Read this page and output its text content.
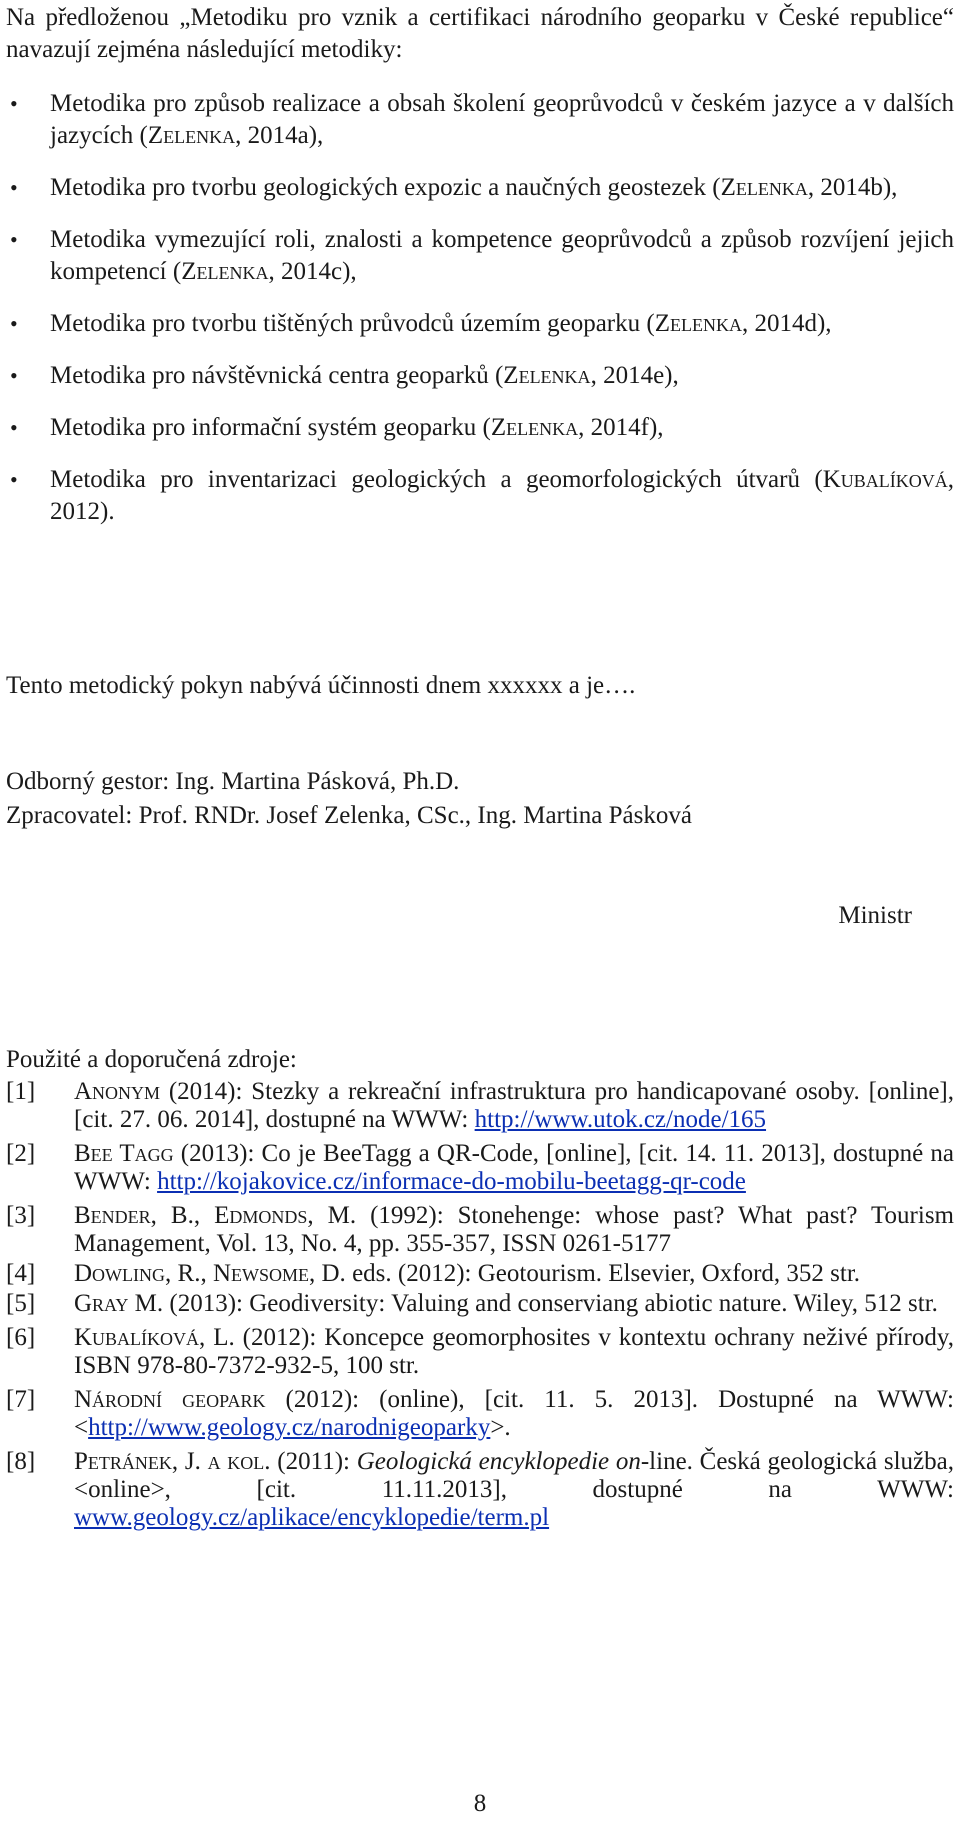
Na předloženou „Metodiku pro vznik a certifikaci národního geoparku v České republice“ navazují zejména následující metodiky:
• Metodika pro způsob realizace a obsah školení geoprůvodců v českém jazyce a v dalších jazycích (Zelenka, 2014a),
• Metodika pro tvorbu geologických expozic a naučných geostezek (Zelenka, 2014b),
• Metodika vymezující roli, znalosti a kompetence geoprůvodců a způsob rozvíjení jejich kompetencí (Zelenka, 2014c),
• Metodika pro tvorbu tištěných průvodců územím geoparku (Zelenka, 2014d),
• Metodika pro návštěvnická centra geoparků (Zelenka, 2014e),
• Metodika pro informační systém geoparku (Zelenka, 2014f),
• Metodika pro inventarizaci geologických a geomorfologických útvarů (Kubalíková, 2012).
Tento metodický pokyn nabývá účinnosti dnem xxxxxx a je….
Odborný gestor: Ing. Martina Pásková, Ph.D.
Zpracovatel: Prof. RNDr. Josef Zelenka, CSc., Ing. Martina Pásková
Ministr
Použité a doporučená zdroje:
[1] Anonym (2014): Stezky a rekreační infrastruktura pro handicapované osoby. [online], [cit. 27. 06. 2014], dostupné na WWW: http://www.utok.cz/node/165
[2] Bee Tagg (2013): Co je BeeTagg a QR-Code, [online], [cit. 14. 11. 2013], dostupné na WWW: http://kojakovice.cz/informace-do-mobilu-beetagg-qr-code
[3] Bender, B., Edmonds, M. (1992): Stonehenge: whose past? What past? Tourism Management, Vol. 13, No. 4, pp. 355-357, ISSN 0261-5177
[4] Dowling, R., Newsome, D. eds. (2012): Geotourism. Elsevier, Oxford, 352 str.
[5] Gray M. (2013): Geodiversity: Valuing and conserviang abiotic nature. Wiley, 512 str.
[6] Kubalíková, L. (2012): Koncepce geomorphosites v kontextu ochrany neživé přírody, ISBN 978-80-7372-932-5, 100 str.
[7] Národní geopark (2012): (online), [cit. 11. 5. 2013]. Dostupné na WWW: <http://www.geology.cz/narodnigeoparky>.
[8] Petránek, J. a kol. (2011): Geologická encyklopedie on-line. Česká geologická služba, <online>, [cit. 11.11.2013], dostupné na WWW: www.geology.cz/aplikace/encyklopedie/term.pl
8
